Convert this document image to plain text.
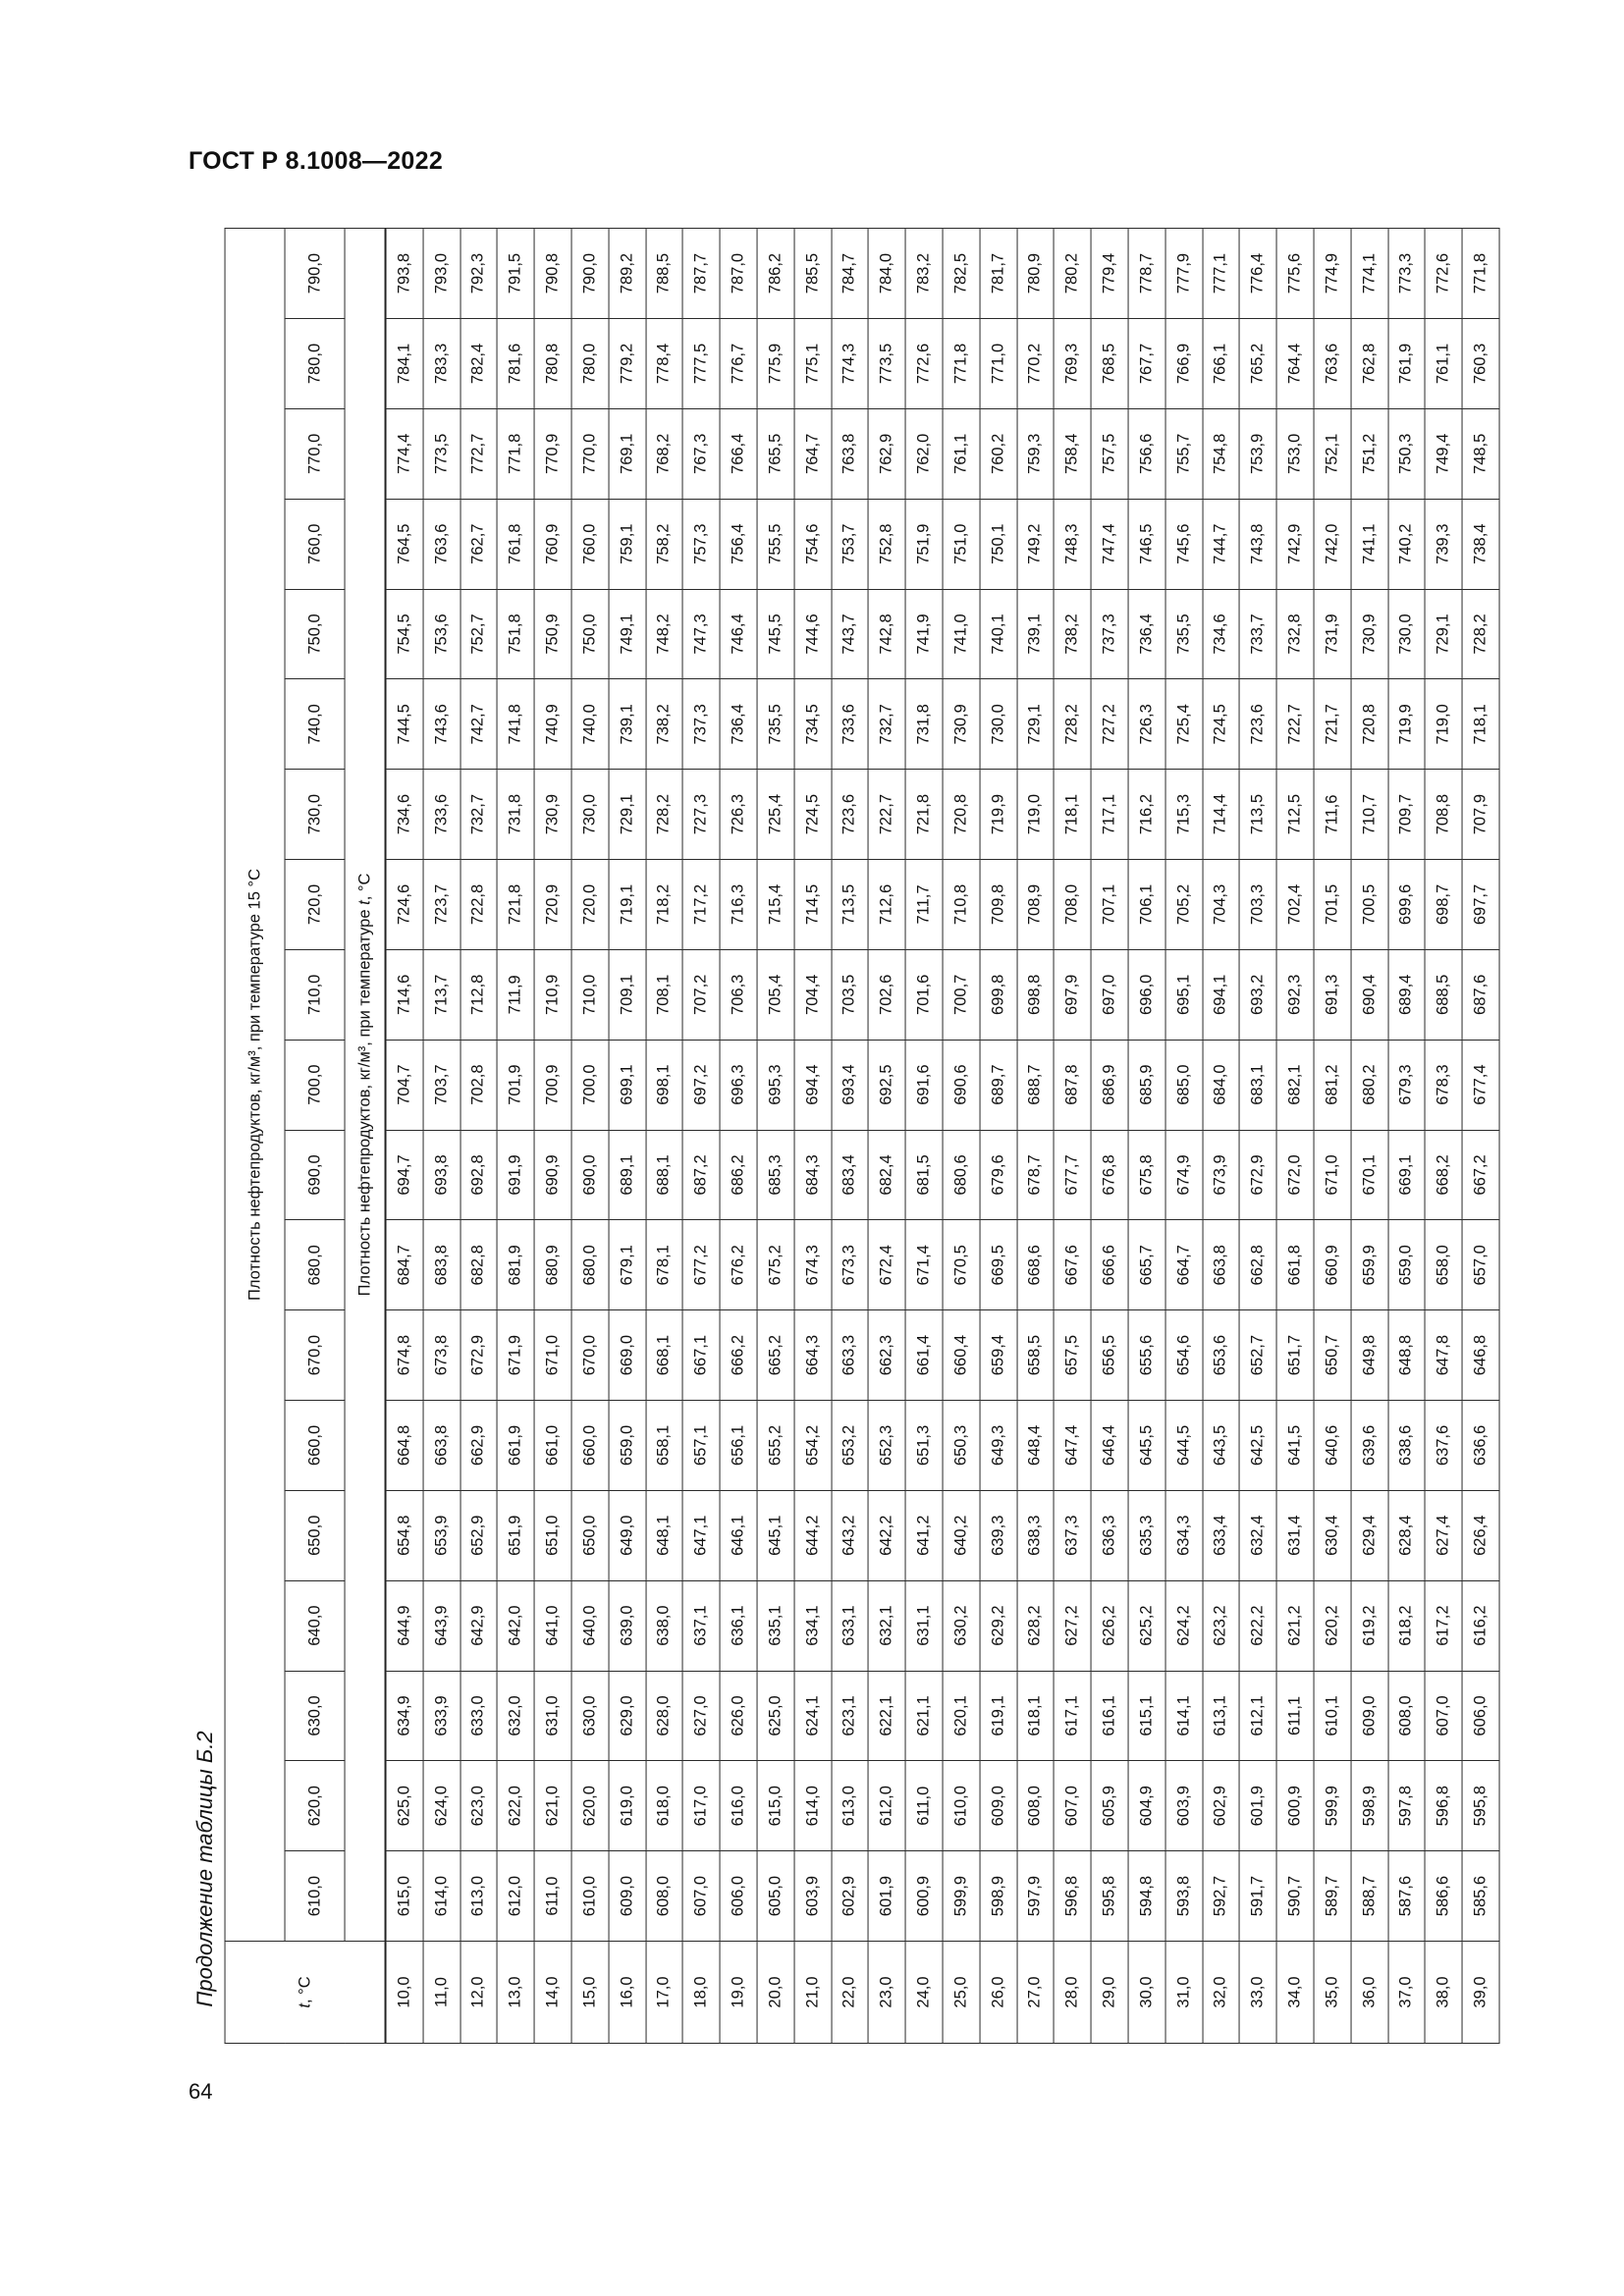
ГОСТ Р 8.1008—2022
Продолжение таблицы Б.2
64
t, °C	Плотность нефтепродуктов, кг/м³, при температуре 15 °C																		
	610,0	620,0	630,0	640,0	650,0	660,0	670,0	680,0	690,0	700,0	710,0	720,0	730,0	740,0	750,0	760,0	770,0	780,0	790,0
	Плотность нефтепродуктов, кг/м³, при температуре t, °C																		
10,0	615,0	625,0	634,9	644,9	654,8	664,8	674,8	684,7	694,7	704,7	714,6	724,6	734,6	744,5	754,5	764,5	774,4	784,1	793,8
11,0	614,0	624,0	633,9	643,9	653,9	663,8	673,8	683,8	693,8	703,7	713,7	723,7	733,6	743,6	753,6	763,6	773,5	783,3	793,0
12,0	613,0	623,0	633,0	642,9	652,9	662,9	672,9	682,8	692,8	702,8	712,8	722,8	732,7	742,7	752,7	762,7	772,7	782,4	792,3
13,0	612,0	622,0	632,0	642,0	651,9	661,9	671,9	681,9	691,9	701,9	711,9	721,8	731,8	741,8	751,8	761,8	771,8	781,6	791,5
14,0	611,0	621,0	631,0	641,0	651,0	661,0	671,0	680,9	690,9	700,9	710,9	720,9	730,9	740,9	750,9	760,9	770,9	780,8	790,8
15,0	610,0	620,0	630,0	640,0	650,0	660,0	670,0	680,0	690,0	700,0	710,0	720,0	730,0	740,0	750,0	760,0	770,0	780,0	790,0
16,0	609,0	619,0	629,0	639,0	649,0	659,0	669,0	679,1	689,1	699,1	709,1	719,1	729,1	739,1	749,1	759,1	769,1	779,2	789,2
17,0	608,0	618,0	628,0	638,0	648,1	658,1	668,1	678,1	688,1	698,1	708,1	718,2	728,2	738,2	748,2	758,2	768,2	778,4	788,5
18,0	607,0	617,0	627,0	637,1	647,1	657,1	667,1	677,2	687,2	697,2	707,2	717,2	727,3	737,3	747,3	757,3	767,3	777,5	787,7
19,0	606,0	616,0	626,0	636,1	646,1	656,1	666,2	676,2	686,2	696,3	706,3	716,3	726,3	736,4	746,4	756,4	766,4	776,7	787,0
20,0	605,0	615,0	625,0	635,1	645,1	655,2	665,2	675,2	685,3	695,3	705,4	715,4	725,4	735,5	745,5	755,5	765,5	775,9	786,2
21,0	603,9	614,0	624,1	634,1	644,2	654,2	664,3	674,3	684,3	694,4	704,4	714,5	724,5	734,5	744,6	754,6	764,7	775,1	785,5
22,0	602,9	613,0	623,1	633,1	643,2	653,2	663,3	673,3	683,4	693,4	703,5	713,5	723,6	733,6	743,7	753,7	763,8	774,3	784,7
23,0	601,9	612,0	622,1	632,1	642,2	652,3	662,3	672,4	682,4	692,5	702,6	712,6	722,7	732,7	742,8	752,8	762,9	773,5	784,0
24,0	600,9	611,0	621,1	631,1	641,2	651,3	661,4	671,4	681,5	691,6	701,6	711,7	721,8	731,8	741,9	751,9	762,0	772,6	783,2
25,0	599,9	610,0	620,1	630,2	640,2	650,3	660,4	670,5	680,6	690,6	700,7	710,8	720,8	730,9	741,0	751,0	761,1	771,8	782,5
26,0	598,9	609,0	619,1	629,2	639,3	649,3	659,4	669,5	679,6	689,7	699,8	709,8	719,9	730,0	740,1	750,1	760,2	771,0	781,7
27,0	597,9	608,0	618,1	628,2	638,3	648,4	658,5	668,6	678,7	688,7	698,8	708,9	719,0	729,1	739,1	749,2	759,3	770,2	780,9
28,0	596,8	607,0	617,1	627,2	637,3	647,4	657,5	667,6	677,7	687,8	697,9	708,0	718,1	728,2	738,2	748,3	758,4	769,3	780,2
29,0	595,8	605,9	616,1	626,2	636,3	646,4	656,5	666,6	676,8	686,9	697,0	707,1	717,1	727,2	737,3	747,4	757,5	768,5	779,4
30,0	594,8	604,9	615,1	625,2	635,3	645,5	655,6	665,7	675,8	685,9	696,0	706,1	716,2	726,3	736,4	746,5	756,6	767,7	778,7
31,0	593,8	603,9	614,1	624,2	634,3	644,5	654,6	664,7	674,9	685,0	695,1	705,2	715,3	725,4	735,5	745,6	755,7	766,9	777,9
32,0	592,7	602,9	613,1	623,2	633,4	643,5	653,6	663,8	673,9	684,0	694,1	704,3	714,4	724,5	734,6	744,7	754,8	766,1	777,1
33,0	591,7	601,9	612,1	622,2	632,4	642,5	652,7	662,8	672,9	683,1	693,2	703,3	713,5	723,6	733,7	743,8	753,9	765,2	776,4
34,0	590,7	600,9	611,1	621,2	631,4	641,5	651,7	661,8	672,0	682,1	692,3	702,4	712,5	722,7	732,8	742,9	753,0	764,4	775,6
35,0	589,7	599,9	610,1	620,2	630,4	640,6	650,7	660,9	671,0	681,2	691,3	701,5	711,6	721,7	731,9	742,0	752,1	763,6	774,9
36,0	588,7	598,9	609,0	619,2	629,4	639,6	649,8	659,9	670,1	680,2	690,4	700,5	710,7	720,8	730,9	741,1	751,2	762,8	774,1
37,0	587,6	597,8	608,0	618,2	628,4	638,6	648,8	659,0	669,1	679,3	689,4	699,6	709,7	719,9	730,0	740,2	750,3	761,9	773,3
38,0	586,6	596,8	607,0	617,2	627,4	637,6	647,8	658,0	668,2	678,3	688,5	698,7	708,8	719,0	729,1	739,3	749,4	761,1	772,6
39,0	585,6	595,8	606,0	616,2	626,4	636,6	646,8	657,0	667,2	677,4	687,6	697,7	707,9	718,1	728,2	738,4	748,5	760,3	771,8
